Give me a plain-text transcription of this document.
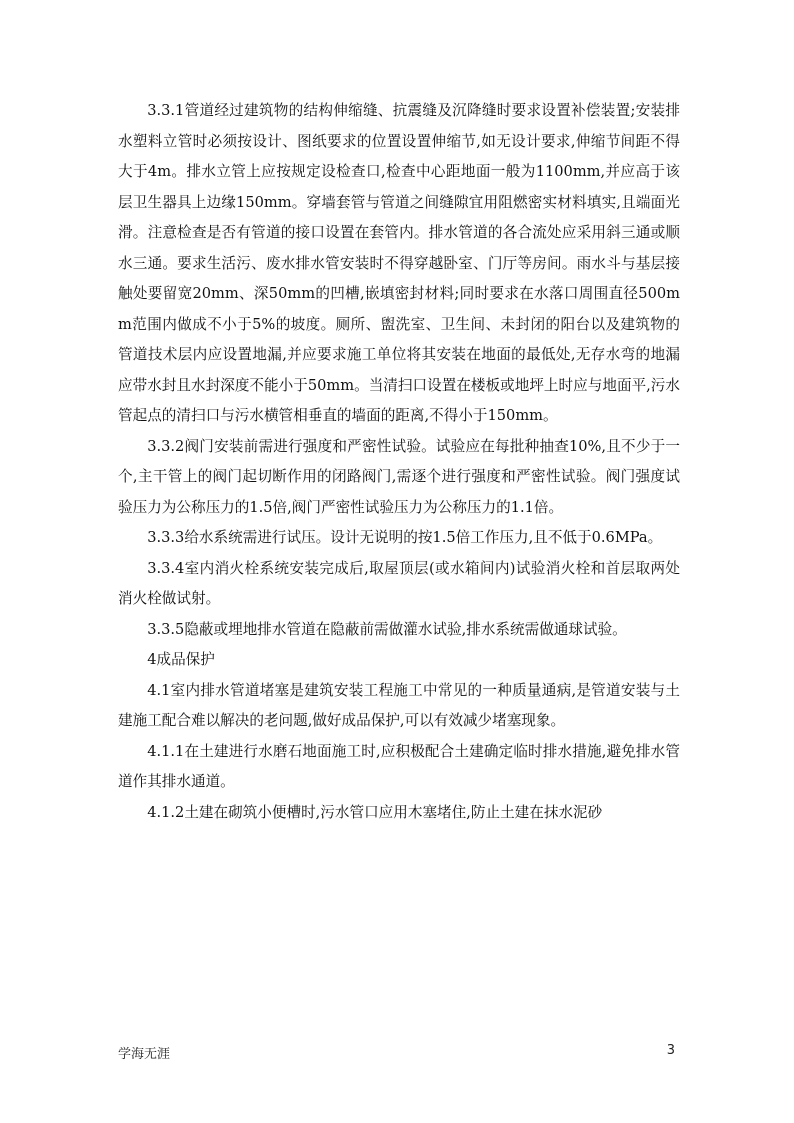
3.3.1管道经过建筑物的结构伸缩缝、抗震缝及沉降缝时要求设置补偿装置;安装排水塑料立管时必须按设计、图纸要求的位置设置伸缩节,如无设计要求,伸缩节间距不得大于4m。排水立管上应按规定设检查口,检查中心距地面一般为1100mm,并应高于该层卫生器具上边缘150mm。穿墙套管与管道之间缝隙宜用阻燃密实材料填实,且端面光滑。注意检查是否有管道的接口设置在套管内。排水管道的各合流处应采用斜三通或顺水三通。要求生活污、废水排水管安装时不得穿越卧室、门厅等房间。雨水斗与基层接触处要留宽20mm、深50mm的凹槽,嵌填密封材料;同时要求在水落口周围直径500mm范围内做成不小于5%的坡度。厕所、盥洗室、卫生间、未封闭的阳台以及建筑物的管道技术层内应设置地漏,并应要求施工单位将其安装在地面的最低处,无存水弯的地漏应带水封且水封深度不能小于50mm。当清扫口设置在楼板或地坪上时应与地面平,污水管起点的清扫口与污水横管相垂直的墙面的距离,不得小于150mm。

3.3.2阀门安装前需进行强度和严密性试验。试验应在每批种抽查10%,且不少于一个,主干管上的阀门起切断作用的闭路阀门,需逐个进行强度和严密性试验。阀门强度试验压力为公称压力的1.5倍,阀门严密性试验压力为公称压力的1.1倍。

3.3.3给水系统需进行试压。设计无说明的按1.5倍工作压力,且不低于0.6MPa。

3.3.4室内消火栓系统安装完成后,取屋顶层(或水箱间内)试验消火栓和首层取两处消火栓做试射。

3.3.5隐蔽或埋地排水管道在隐蔽前需做灌水试验,排水系统需做通球试验。

4成品保护

4.1室内排水管道堵塞是建筑安装工程施工中常见的一种质量通病,是管道安装与土建施工配合难以解决的老问题,做好成品保护,可以有效减少堵塞现象。

4.1.1在土建进行水磨石地面施工时,应积极配合土建确定临时排水措施,避免排水管道作其排水通道。

4.1.2土建在砌筑小便槽时,污水管口应用木塞堵住,防止土建在抹水泥砂

学海无涯	3
